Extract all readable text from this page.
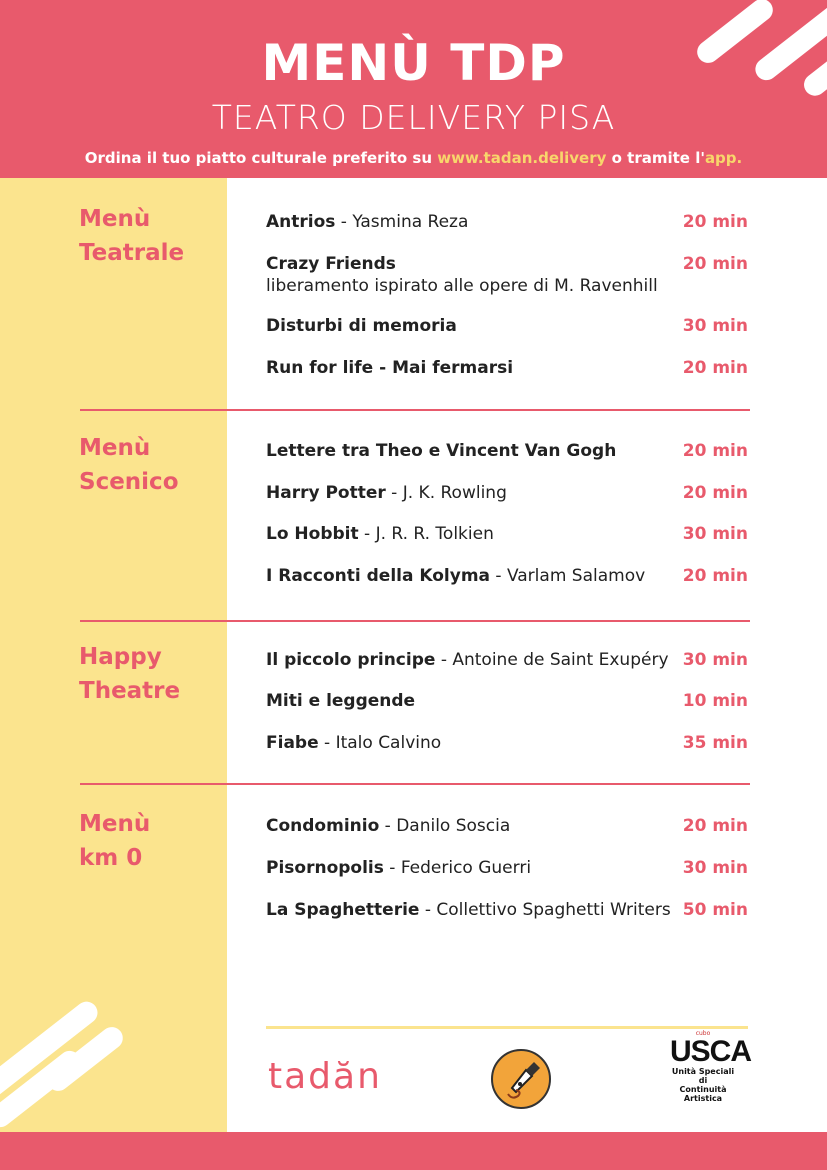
MENÙ TDP
TEATRO DELIVERY PISA
Ordina il tuo piatto culturale preferito su www.tadan.delivery o tramite l'app.
Menù
Teatrale
Antrios - Yasmina Reza	20 min
Crazy Friends
liberamento ispirato alle opere di M. Ravenhill
20 min
Disturbi di memoria	30 min
Run for life - Mai fermarsi	20 min
Menù
Scenico
Lettere tra Theo e Vincent Van Gogh	20 min
Harry Potter - J. K. Rowling	20 min
Lo Hobbit - J. R. R. Tolkien	30 min
I Racconti della Kolyma - Varlam Salamov 20 min
Happy
Theatre
Il piccolo principe - Antoine de Saint Exupéry 30 min
Miti e leggende	10 min
Fiabe - Italo Calvino	35 min
Menù
km 0
Condominio - Danilo Soscia	20 min
Pisornopolis - Federico Guerri	30 min
La Spaghetterie - Collettivo Spaghetti Writers 50 min
tadăn
cubo
USCA
Unità Speciali di
Continuità
Artistica
